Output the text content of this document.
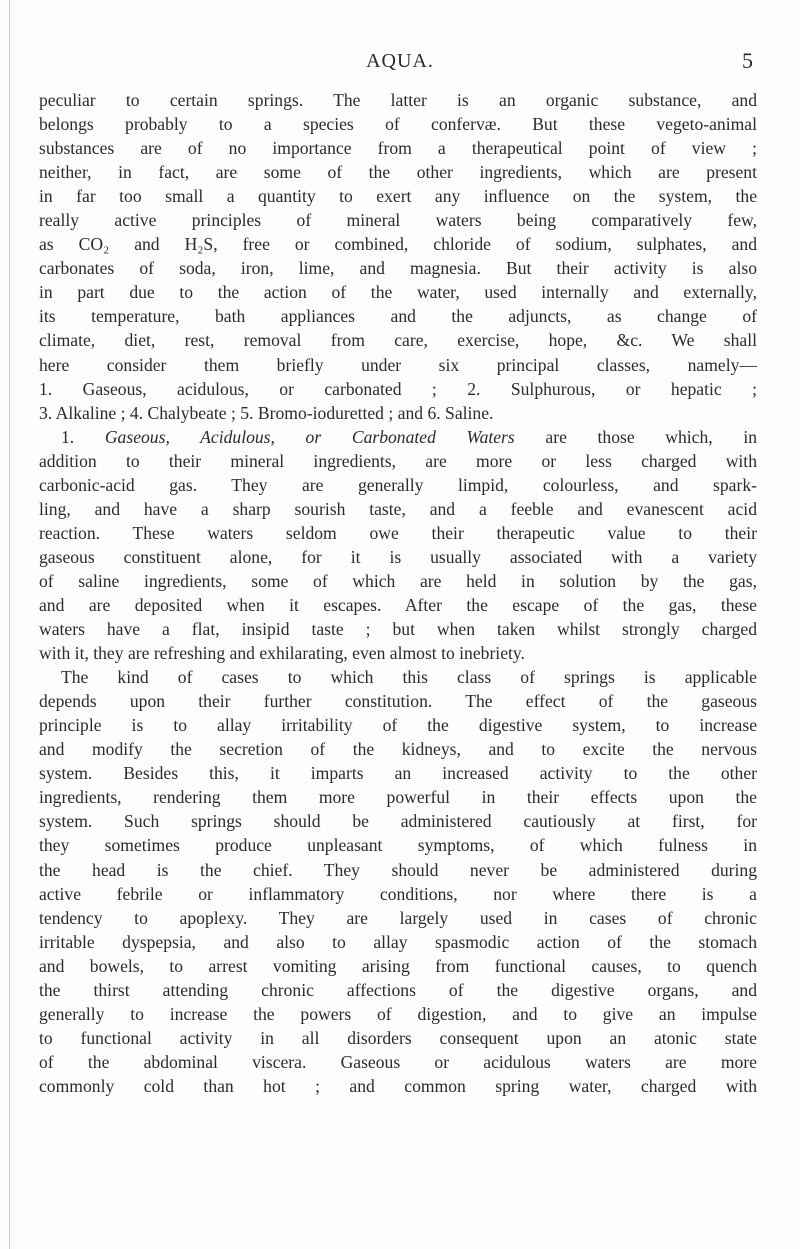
AQUA.	5
peculiar to certain springs. The latter is an organic substance, and
belongs probably to a species of confervæ. But these vegeto-animal
substances are of no importance from a therapeutical point of view ;
neither, in fact, are some of the other ingredients, which are present
in far too small a quantity to exert any influence on the system, the
really active principles of mineral waters being comparatively few,
as CO₂ and H₂S, free or combined, chloride of sodium, sulphates, and
carbonates of soda, iron, lime, and magnesia. But their activity is also
in part due to the action of the water, used internally and externally,
its temperature, bath appliances and the adjuncts, as change of
climate, diet, rest, removal from care, exercise, hope, &c. We shall
here consider them briefly under six principal classes, namely—
1. Gaseous, acidulous, or carbonated ; 2. Sulphurous, or hepatic ;
3. Alkaline ; 4. Chalybeate ; 5. Bromo-ioduretted ; and 6. Saline.
1. Gaseous, Acidulous, or Carbonated Waters are those which, in
addition to their mineral ingredients, are more or less charged with
carbonic-acid gas. They are generally limpid, colourless, and spark-
ling, and have a sharp sourish taste, and a feeble and evanescent acid
reaction. These waters seldom owe their therapeutic value to their
gaseous constituent alone, for it is usually associated with a variety
of saline ingredients, some of which are held in solution by the gas,
and are deposited when it escapes. After the escape of the gas, these
waters have a flat, insipid taste ; but when taken whilst strongly charged
with it, they are refreshing and exhilarating, even almost to inebriety.
The kind of cases to which this class of springs is applicable
depends upon their further constitution. The effect of the gaseous
principle is to allay irritability of the digestive system, to increase
and modify the secretion of the kidneys, and to excite the nervous
system. Besides this, it imparts an increased activity to the other
ingredients, rendering them more powerful in their effects upon the
system. Such springs should be administered cautiously at first, for
they sometimes produce unpleasant symptoms, of which fulness in
the head is the chief. They should never be administered during
active febrile or inflammatory conditions, nor where there is a
tendency to apoplexy. They are largely used in cases of chronic
irritable dyspepsia, and also to allay spasmodic action of the stomach
and bowels, to arrest vomiting arising from functional causes, to quench
the thirst attending chronic affections of the digestive organs, and
generally to increase the powers of digestion, and to give an impulse
to functional activity in all disorders consequent upon an atonic state
of the abdominal viscera. Gaseous or acidulous waters are more
commonly cold than hot ; and common spring water, charged with
